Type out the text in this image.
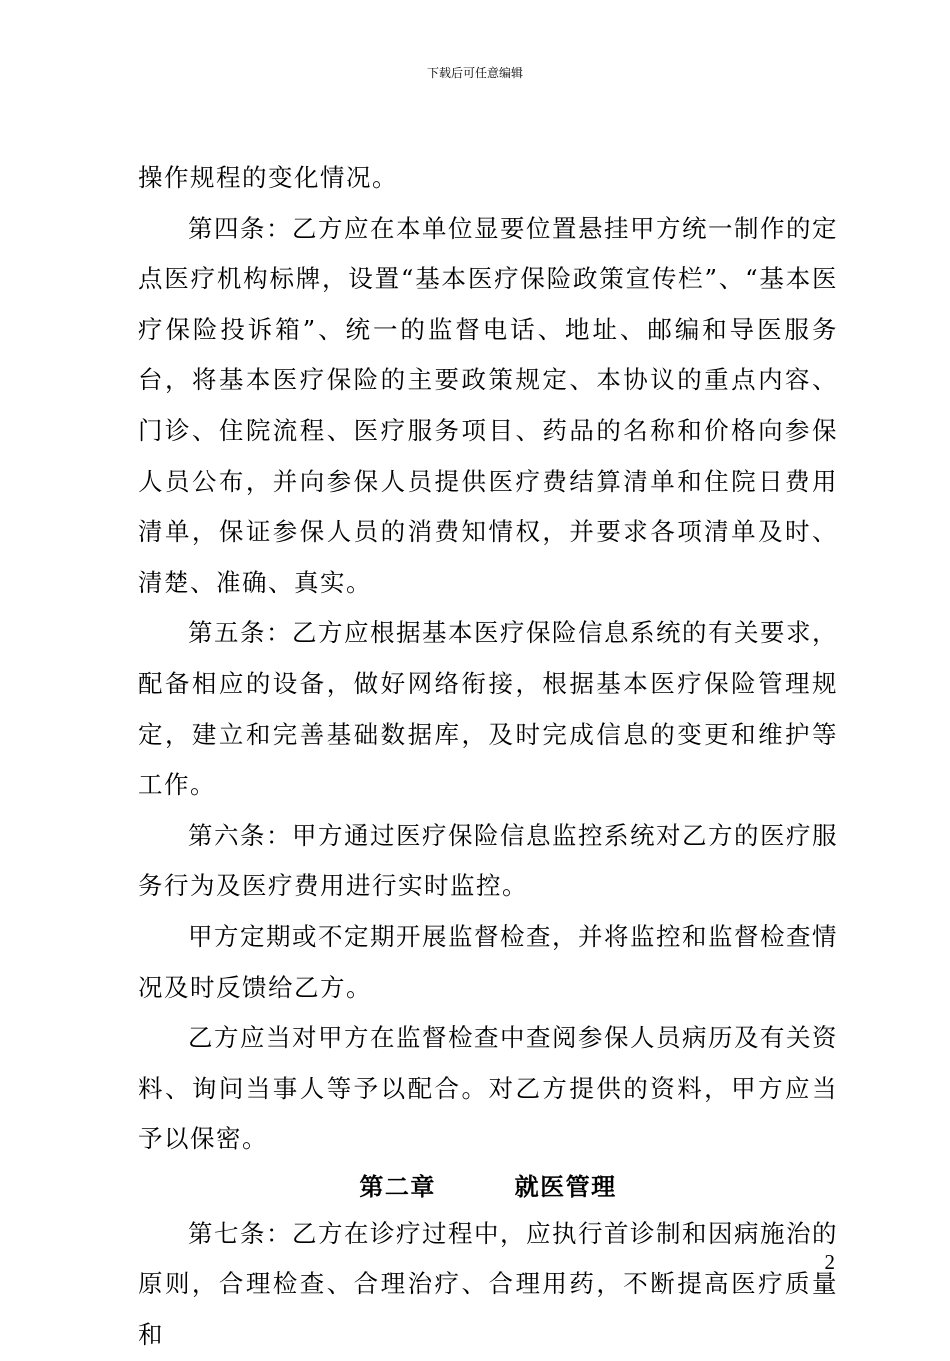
下载后可任意编辑

操作规程的变化情况。

第四条：乙方应在本单位显要位置悬挂甲方统一制作的定点医疗机构标牌，设置“基本医疗保险政策宣传栏”、“基本医疗保险投诉箱”、统一的监督电话、地址、邮编和导医服务台，将基本医疗保险的主要政策规定、本协议的重点内容、门诊、住院流程、医疗服务项目、药品的名称和价格向参保人员公布，并向参保人员提供医疗费结算清单和住院日费用清单，保证参保人员的消费知情权，并要求各项清单及时、清楚、准确、真实。

第五条：乙方应根据基本医疗保险信息系统的有关要求，配备相应的设备，做好网络衔接，根据基本医疗保险管理规定，建立和完善基础数据库，及时完成信息的变更和维护等工作。

第六条：甲方通过医疗保险信息监控系统对乙方的医疗服务行为及医疗费用进行实时监控。

甲方定期或不定期开展监督检查，并将监控和监督检查情况及时反馈给乙方。

乙方应当对甲方在监督检查中查阅参保人员病历及有关资料、询问当事人等予以配合。对乙方提供的资料，甲方应当予以保密。

第二章        就医管理

第七条：乙方在诊疗过程中，应执行首诊制和因病施治的原则，合理检查、合理治疗、合理用药，不断提高医疗质量和

2
